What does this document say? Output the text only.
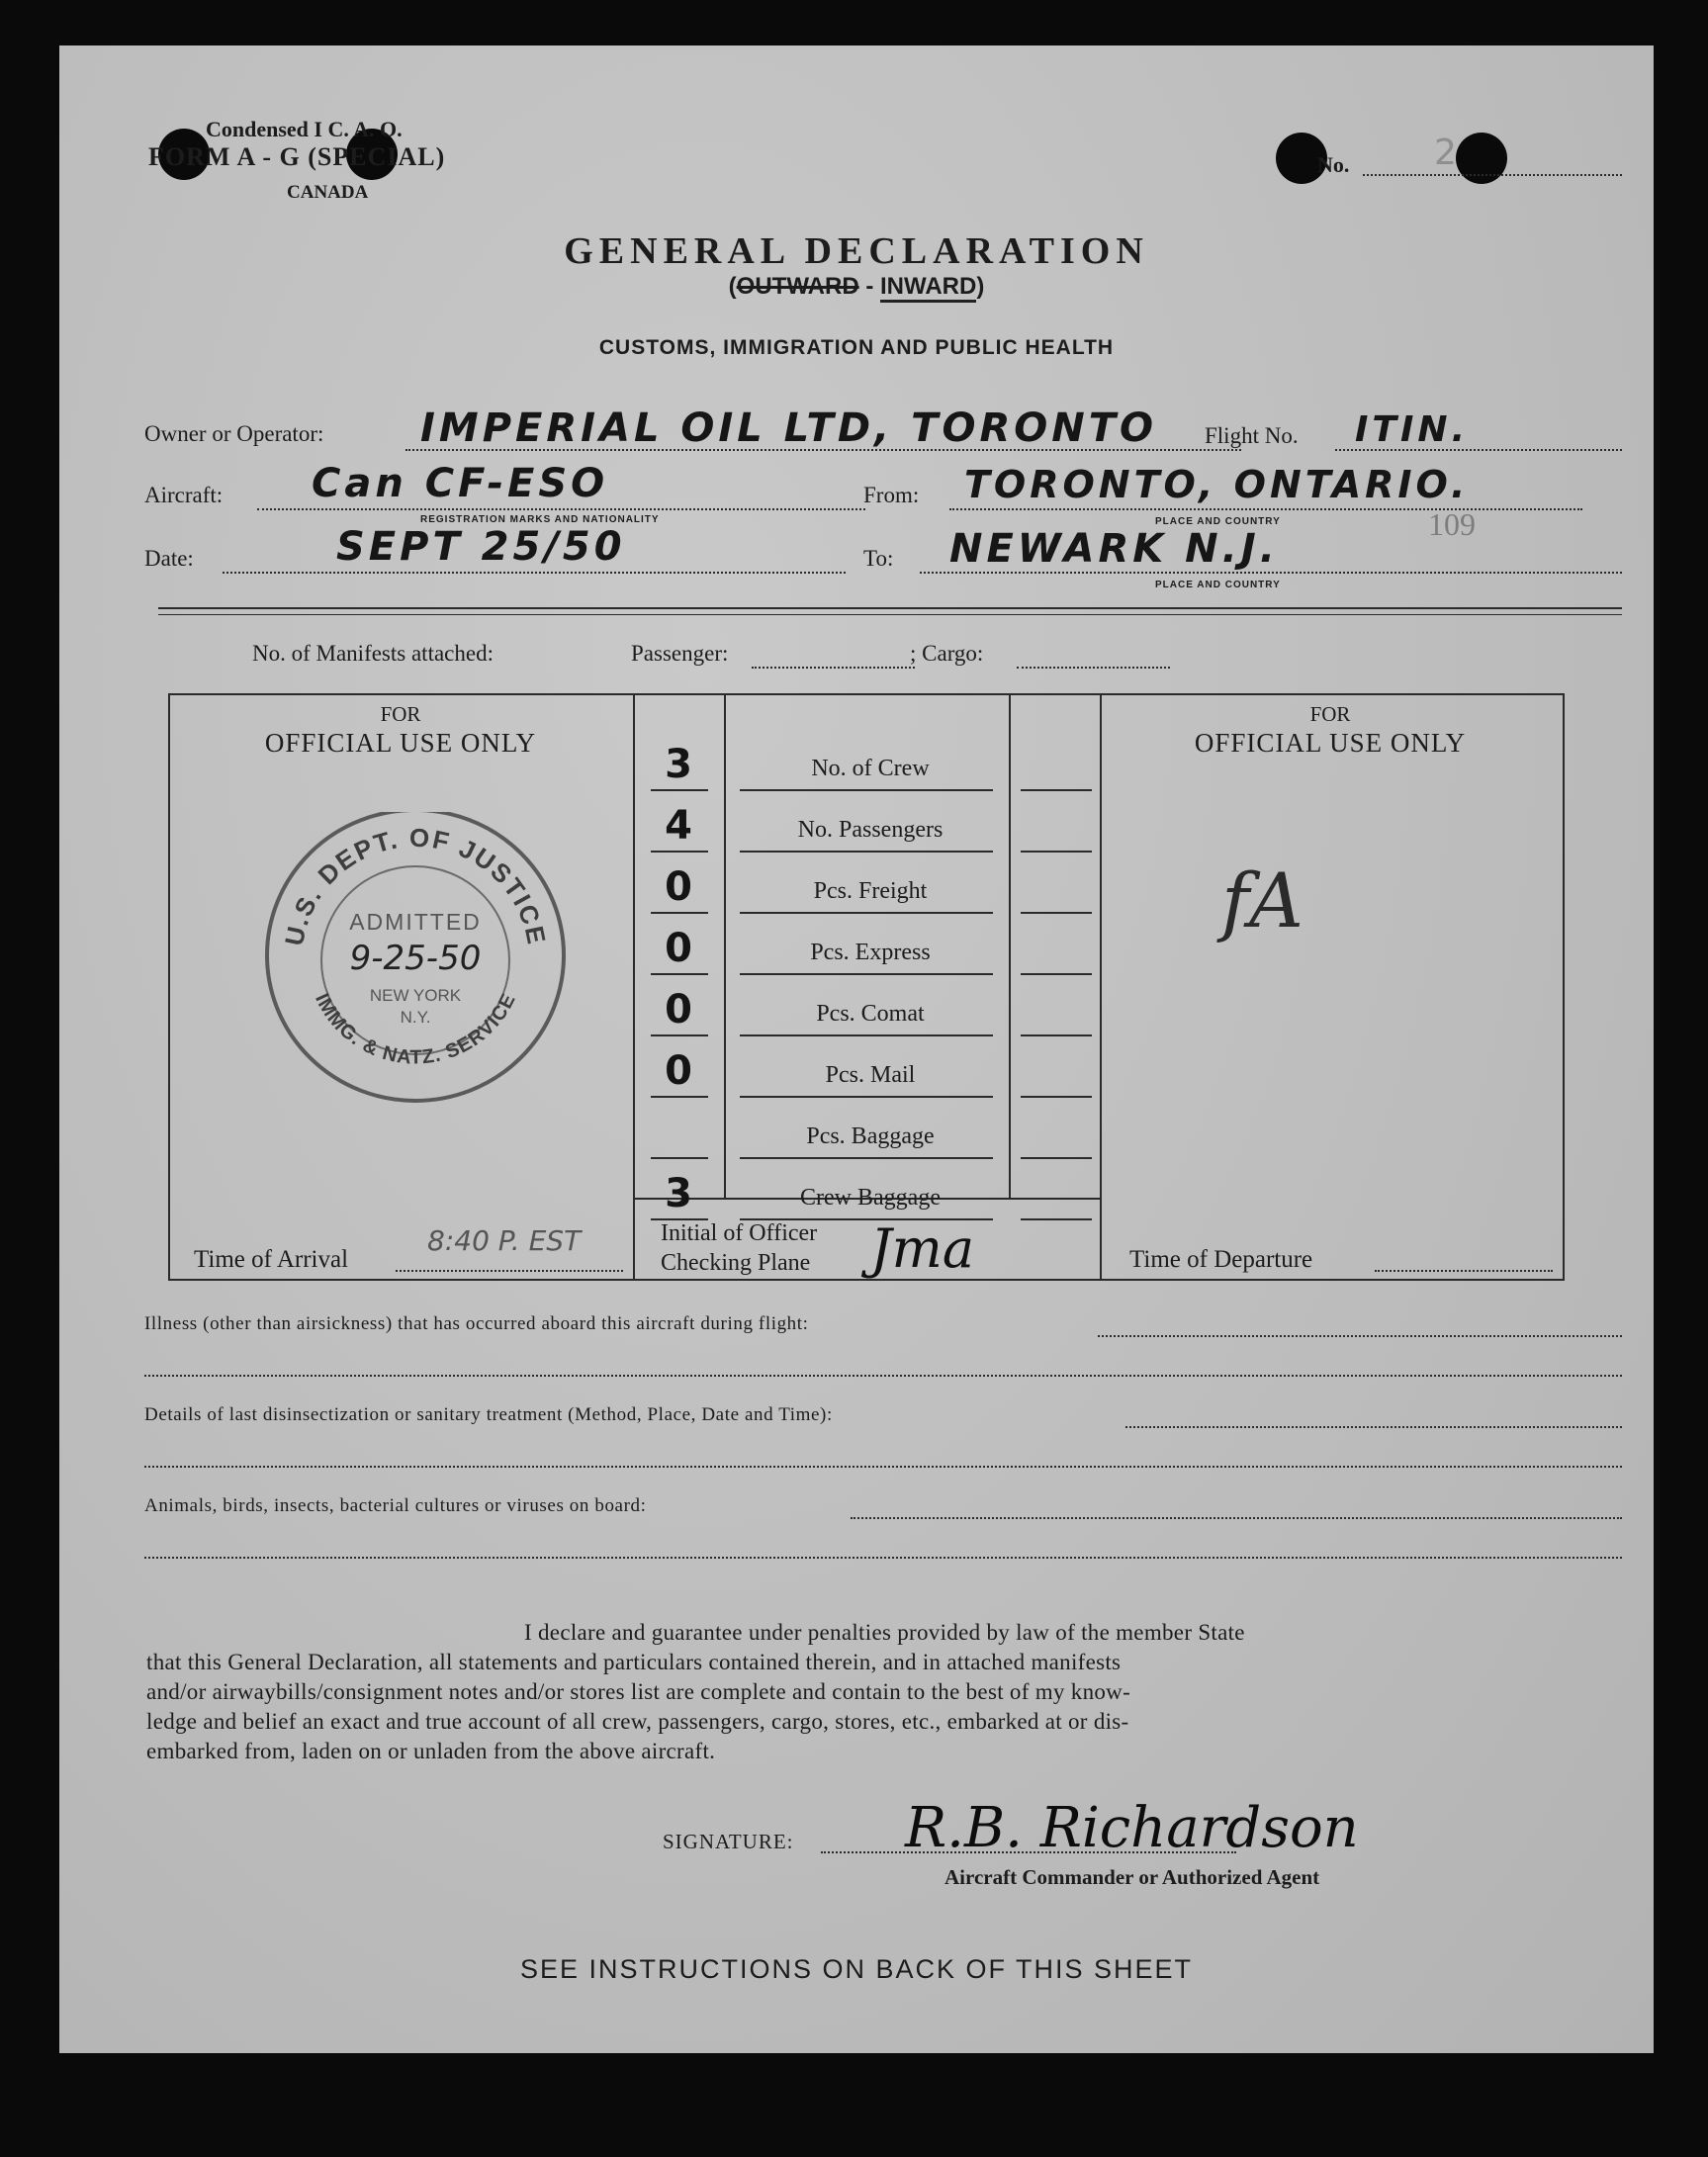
Condensed I C. A. O.
FORM A - G (SPECIAL)
CANADA
No. 2
GENERAL DECLARATION
(OUTWARD - INWARD)
CUSTOMS, IMMIGRATION AND PUBLIC HEALTH
Owner or Operator: IMPERIAL OIL LTD, TORONTO Flight No. ITIN.
Aircraft: Can CF-ESO
REGISTRATION MARKS AND NATIONALITY
From: TORONTO, ONTARIO.
PLACE AND COUNTRY	109
Date:	SEPT 25/50	To: NEWARK N.J.
PLACE AND COUNTRY
No. of Manifests attached:	Passenger:	; Cargo:
FOR
OFFICIAL USE ONLY
U.S. DEPT. OF JUSTICE
IMMG. & NATZ. SERVICE
ADMITTED
9-25-50
NEW YORK
N.Y.
Time of Arrival
8:40 P. EST	Initial of Officer
Checking Plane Jma
FOR
OFFICIAL USE ONLY
fA
Time of Departure
Illness (other than airsickness) that has occurred aboard this aircraft during flight:
Details of last disinsectization or sanitary treatment (Method, Place, Date and Time):
Animals, birds, insects, bacterial cultures or viruses on board:
I declare and guarantee under penalties provided by law of the member State
that this General Declaration, all statements and particulars contained therein, and in attached manifests
and/or airwaybills/consignment notes and/or stores list are complete and contain to the best of my know-
ledge and belief an exact and true account of all crew, passengers, cargo, stores, etc., embarked at or dis-
embarked from, laden on or unladen from the above aircraft.
SIGNATURE: R.B. Richardson
Aircraft Commander or Authorized Agent
SEE INSTRUCTIONS ON BACK OF THIS SHEET
3	No. of Crew
4	No. Passengers
0	Pcs. Freight
0	Pcs. Express
0	Pcs. Comat
0	Pcs. Mail
Pcs. Baggage
3	Crew Baggage
